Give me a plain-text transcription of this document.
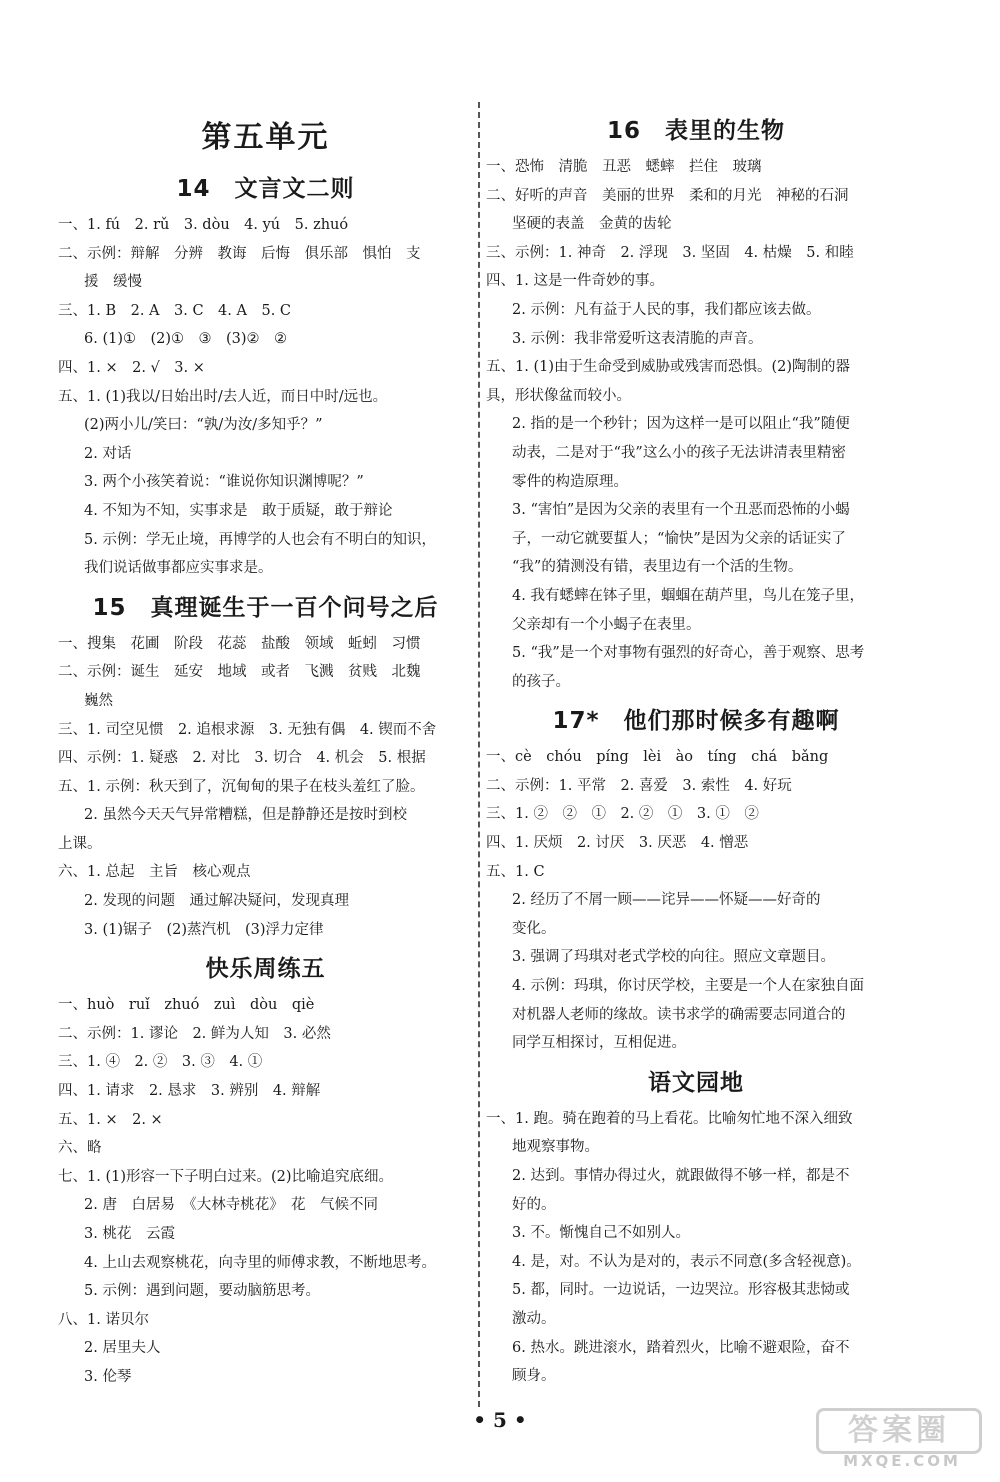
第五单元
14　文言文二则
一、1. fú　2. rǔ　3. dòu　4. yú　5. zhuó
二、示例：辩解　分辨　教诲　后悔　俱乐部　惧怕　支
援　缓慢
三、1. B　2. A　3. C　4. A　5. C
6. (1)①　(2)①　③　(3)②　②
四、1. ×　2. √　3. ×
五、1. (1)我以/日始出时/去人近，而日中时/远也。
(2)两小儿/笑曰：“孰/为汝/多知乎？”
2. 对话
3. 两个小孩笑着说：“谁说你知识渊博呢？”
4. 不知为不知，实事求是　敢于质疑，敢于辩论
5. 示例：学无止境，再博学的人也会有不明白的知识，
我们说话做事都应实事求是。
15　真理诞生于一百个问号之后
一、搜集　花圃　阶段　花蕊　盐酸　领域　蚯蚓　习惯
二、示例：诞生　延安　地域　或者　飞溅　贫贱　北魏
巍然
三、1. 司空见惯　2. 追根求源　3. 无独有偶　4. 锲而不舍
四、示例：1. 疑惑　2. 对比　3. 切合　4. 机会　5. 根据
五、1. 示例：秋天到了，沉甸甸的果子在枝头羞红了脸。
2. 虽然今天天气异常糟糕，但是静静还是按时到校
上课。
六、1. 总起　主旨　核心观点
2. 发现的问题　通过解决疑问，发现真理
3. (1)锯子　(2)蒸汽机　(3)浮力定律
快乐周练五
一、huò　ruǐ　zhuó　zuì　dòu　qiè
二、示例：1. 谬论　2. 鲜为人知　3. 必然
三、1. ④　2. ②　3. ③　4. ①
四、1. 请求　2. 恳求　3. 辨别　4. 辩解
五、1. ×　2. ×
六、略
七、1. (1)形容一下子明白过来。(2)比喻追究底细。
2. 唐　白居易　《大林寺桃花》　花　气候不同
3. 桃花　云霞
4. 上山去观察桃花，向寺里的师傅求教，不断地思考。
5. 示例：遇到问题，要动脑筋思考。
八、1. 诺贝尔
2. 居里夫人
3. 伦琴
16　表里的生物
一、恐怖　清脆　丑恶　蟋蟀　拦住　玻璃
二、好听的声音　美丽的世界　柔和的月光　神秘的石洞
坚硬的表盖　金黄的齿轮
三、示例：1. 神奇　2. 浮现　3. 坚固　4. 枯燥　5. 和睦
四、1. 这是一件奇妙的事。
2. 示例：凡有益于人民的事，我们都应该去做。
3. 示例：我非常爱听这表清脆的声音。
五、1. (1)由于生命受到威胁或残害而恐惧。(2)陶制的器
具，形状像盆而较小。
2. 指的是一个秒针；因为这样一是可以阻止“我”随便
动表，二是对于“我”这么小的孩子无法讲清表里精密
零件的构造原理。
3. “害怕”是因为父亲的表里有一个丑恶而恐怖的小蝎
子，一动它就要蜇人；“愉快”是因为父亲的话证实了
“我”的猜测没有错，表里边有一个活的生物。
4. 我有蟋蟀在钵子里，蝈蝈在葫芦里，鸟儿在笼子里，
父亲却有一个小蝎子在表里。
5. “我”是一个对事物有强烈的好奇心，善于观察、思考
的孩子。
17*　他们那时候多有趣啊
一、cè　chóu　píng　lèi　ào　tíng　chá　bǎng
二、示例：1. 平常　2. 喜爱　3. 索性　4. 好玩
三、1. ②　②　①　2. ②　①　3. ①　②
四、1. 厌烦　2. 讨厌　3. 厌恶　4. 憎恶
五、1. C
2. 经历了不屑一顾——诧异——怀疑——好奇的
变化。
3. 强调了玛琪对老式学校的向往。照应文章题目。
4. 示例：玛琪，你讨厌学校，主要是一个人在家独自面
对机器人老师的缘故。读书求学的确需要志同道合的
同学互相探讨，互相促进。
语文园地
一、1. 跑。骑在跑着的马上看花。比喻匆忙地不深入细致
地观察事物。
2. 达到。事情办得过火，就跟做得不够一样，都是不
好的。
3. 不。惭愧自己不如别人。
4. 是，对。不认为是对的，表示不同意(多含轻视意)。
5. 都，同时。一边说话，一边哭泣。形容极其悲恸或
激动。
6. 热水。跳进滚水，踏着烈火，比喻不避艰险，奋不
顾身。
• 5 •	答案圈
MXQE.COM
